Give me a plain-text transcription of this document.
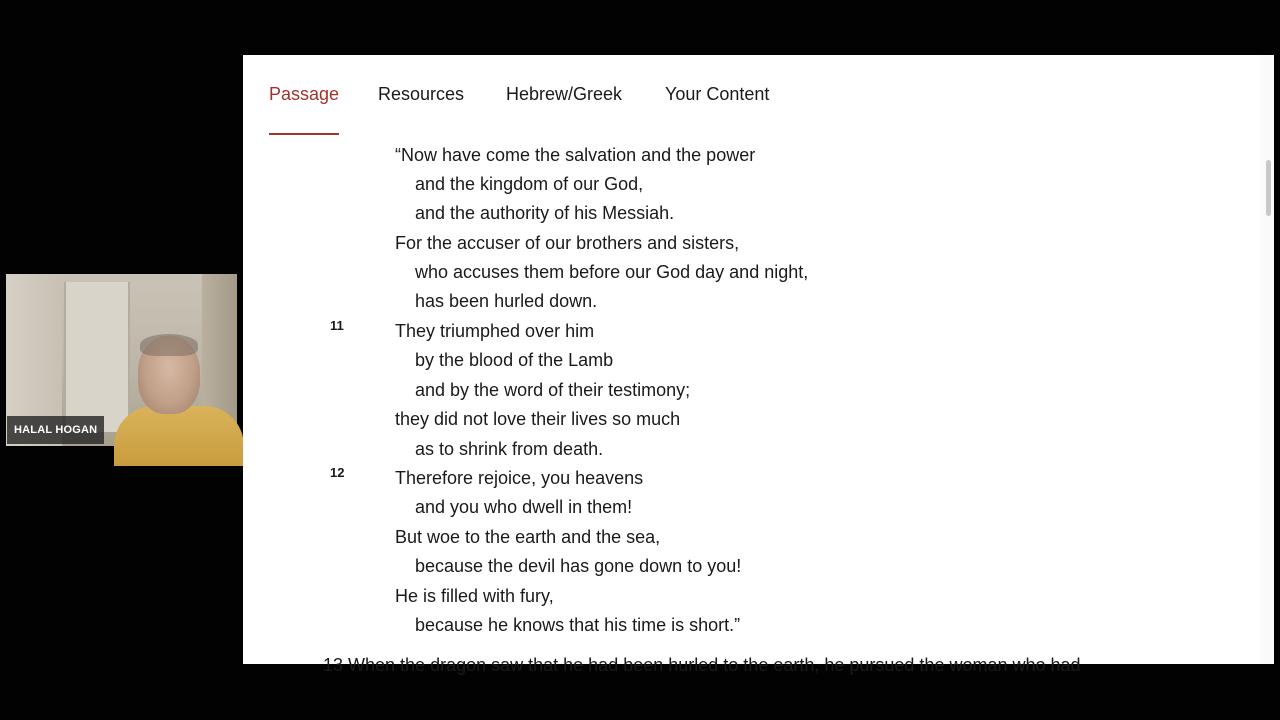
HALAL HOGAN
Passage Resources Hebrew/Greek Your Content
“Now have come the salvation and the power
and the kingdom of our God,
and the authority of his Messiah.
For the accuser of our brothers and sisters,
who accuses them before our God day and night,
has been hurled down.
11	They triumphed over him
by the blood of the Lamb
and by the word of their testimony;
they did not love their lives so much
as to shrink from death.
12	Therefore rejoice, you heavens
and you who dwell in them!
But woe to the earth and the sea,
because the devil has gone down to you!
He is filled with fury,
because he knows that his time is short.”
13 When the dragon saw that he had been hurled to the earth, he pursued the woman who had
